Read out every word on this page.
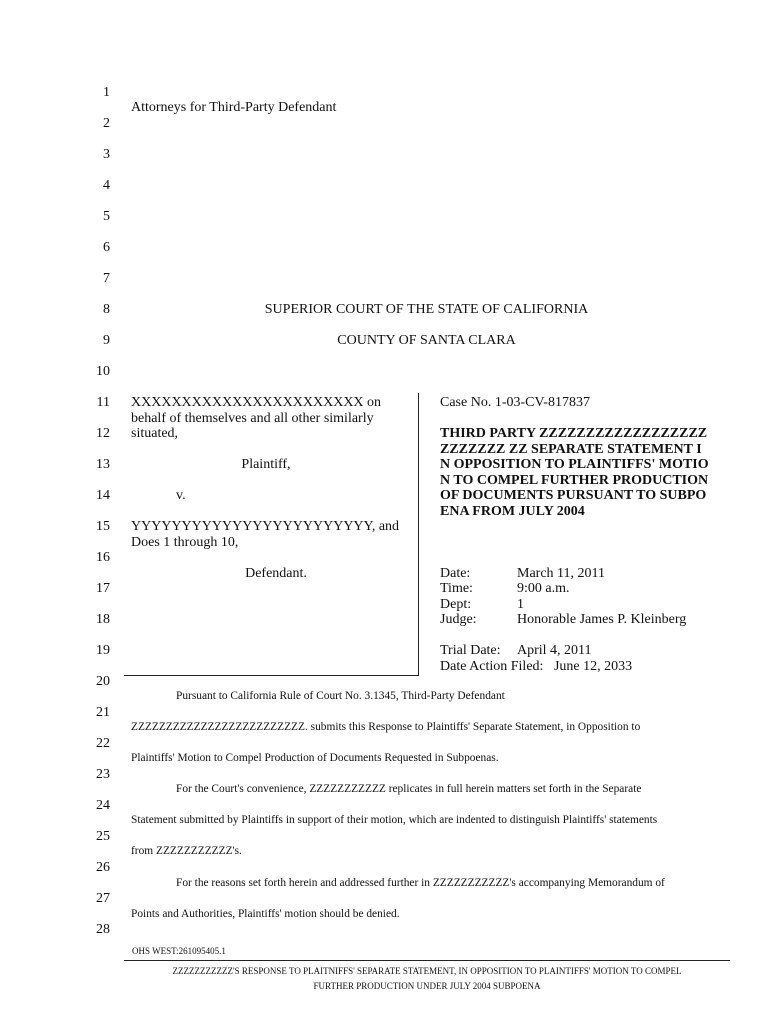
1
2
3
4
5
6
7
8
9
10
11
12
13
14
15
16
17
18
19
20
21
22
23
24
25
26
27
28
Attorneys for Third-Party Defendant
SUPERIOR COURT OF THE STATE OF CALIFORNIA
COUNTY OF SANTA CLARA
XXXXXXXXXXXXXXXXXXXXXXX on behalf of themselves and all other similarly situated,
Plaintiff,
v.
YYYYYYYYYYYYYYYYYYYYYYYY, and Does 1 through 10,
Defendant.
Case No. 1-03-CV-817837
THIRD PARTY ZZZZZZZZZZZZZZZZZZZZZZZZZ ZZ SEPARATE STATEMENT IN OPPOSITION TO PLAINTIFFS' MOTION TO COMPEL FURTHER PRODUCTION OF DOCUMENTS PURSUANT TO SUBPOENA FROM JULY 2004
Date:	March 11, 2011
Time:	9:00 a.m.
Dept:	1
Judge:	Honorable James P. Kleinberg
Trial Date: April 4, 2011
Date Action Filed: June 12, 2033
Pursuant to California Rule of Court No. 3.1345, Third-Party Defendant
ZZZZZZZZZZZZZZZZZZZZZZZZZ. submits this Response to Plaintiffs' Separate Statement, in Opposition to
Plaintiffs' Motion to Compel Production of Documents Requested in Subpoenas.
For the Court's convenience, ZZZZZZZZZZZ replicates in full herein matters set forth in the Separate
Statement submitted by Plaintiffs in support of their motion, which are indented to distinguish Plaintiffs' statements
from ZZZZZZZZZZZ's.
For the reasons set forth herein and addressed further in ZZZZZZZZZZZ's accompanying Memorandum of
Points and Authorities, Plaintiffs' motion should be denied.
OHS WEST:261095405.1
ZZZZZZZZZZZ'S RESPONSE TO PLAITNIFFS' SEPARATE STATEMENT, IN OPPOSITION TO PLAINTIFFS' MOTION TO COMPEL
FURTHER PRODUCTION UNDER JULY 2004 SUBPOENA
